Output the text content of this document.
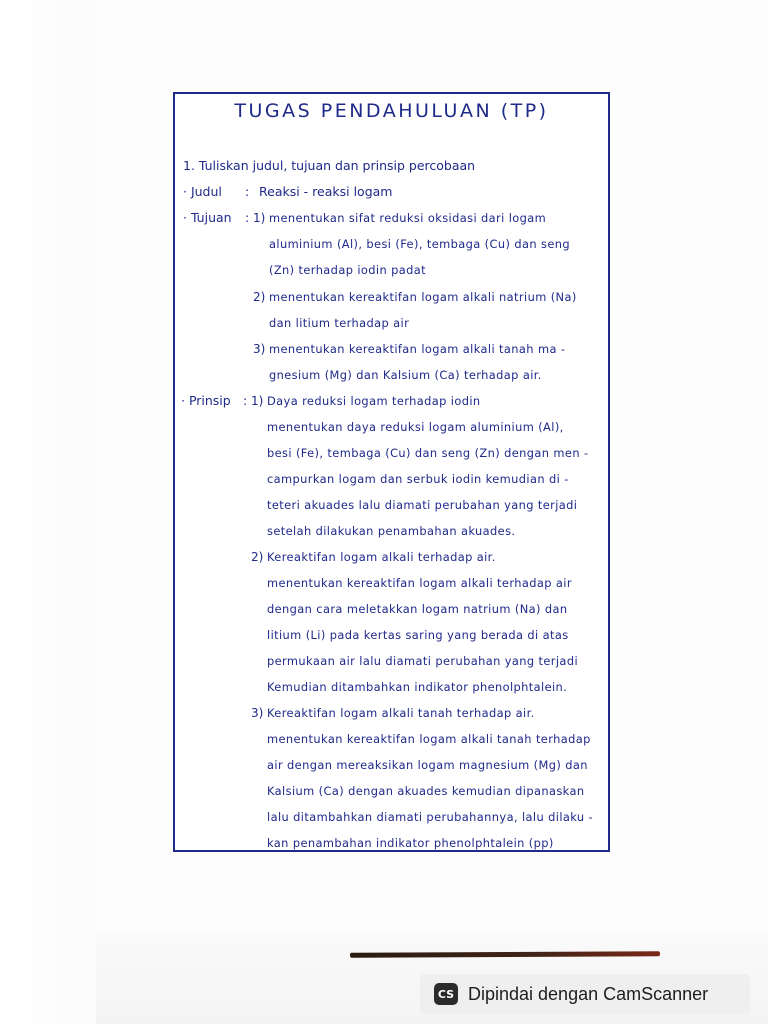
TUGAS PENDAHULUAN (TP)
1. Tuliskan judul, tujuan dan prinsip percobaan
· Judul : Reaksi - reaksi logam
· Tujuan : 1) menentukan sifat reduksi oksidasi dari logam
aluminium (Al), besi (Fe), tembaga (Cu) dan seng
(Zn) terhadap iodin padat
2) menentukan kereaktifan logam alkali natrium (Na)
dan litium terhadap air
3) menentukan kereaktifan logam alkali tanah ma -
gnesium (Mg) dan Kalsium (Ca) terhadap air.
· Prinsip : 1) Daya reduksi logam terhadap iodin
menentukan daya reduksi logam aluminium (Al),
besi (Fe), tembaga (Cu) dan seng (Zn) dengan men -
campurkan logam dan serbuk iodin kemudian di -
teteri akuades lalu diamati perubahan yang terjadi
setelah dilakukan penambahan akuades.
2) Kereaktifan logam alkali terhadap air.
menentukan kereaktifan logam alkali terhadap air
dengan cara meletakkan logam natrium (Na) dan
litium (Li) pada kertas saring yang berada di atas
permukaan air lalu diamati perubahan yang terjadi
Kemudian ditambahkan indikator phenolphtalein.
3) Kereaktifan logam alkali tanah terhadap air.
menentukan kereaktifan logam alkali tanah terhadap
air dengan mereaksikan logam magnesium (Mg) dan
Kalsium (Ca) dengan akuades kemudian dipanaskan
lalu ditambahkan diamati perubahannya, lalu dilaku -
kan penambahan indikator phenolphtalein (pp)
CS Dipindai dengan CamScanner
